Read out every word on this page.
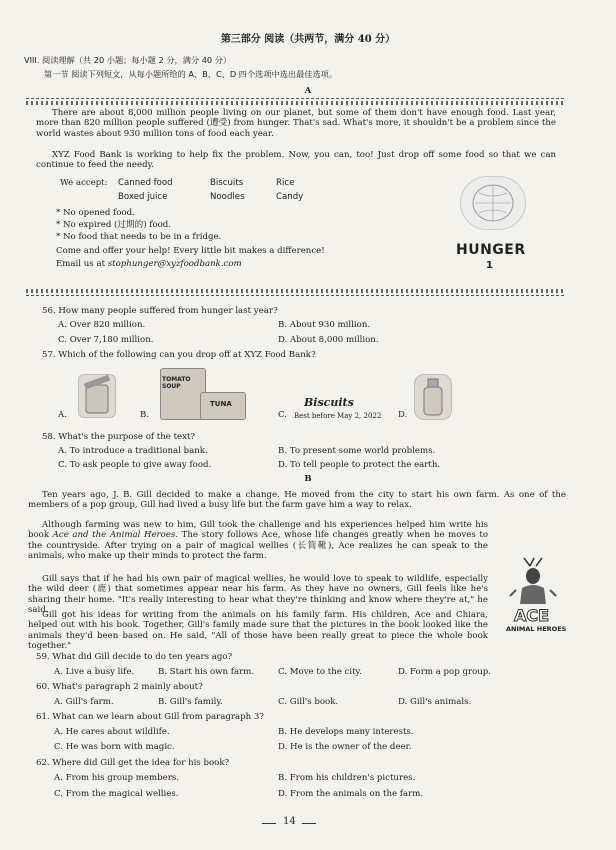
第三部分 阅读（共两节，满分 40 分）
VIII. 阅读理解（共 20 小题；每小题 2 分，满分 40 分）
第一节 阅读下列短文，从每小题所给的 A、B、C、D 四个选项中选出最佳选项。
A
There are about 8,000 million people living on our planet, but some of them don't have enough food. Last year, more than 820 million people suffered (遭受) from hunger. That's sad. What's more, it shouldn't be a problem since the world wastes about 930 million tons of food each year.
XYZ Food Bank is working to help fix the problem. Now, you can, too! Just drop off some food so that we can continue to feed the needy.
We accept: Canned food	Biscuits	Rice
Boxed juice	Noodles	Candy
* No opened food.
* No expired (过期的) food.
* No food that needs to be in a fridge.
Come and offer your help! Every little bit makes a difference!
Email us at stophunger@xyzfoodbank.com
HUNGER
1
56. How many people suffered from hunger last year?
A. Over 820 million.	B. About 930 million.
C. Over 7,180 million.	D. About 8,000 million.
57. Which of the following can you drop off at XYZ Food Bank?
A.	B.
TOMATO SOUP
TUNA
C.
Biscuits
Best before May 2, 2022 D.
58. What's the purpose of the text?
A. To introduce a traditional bank.	B. To present some world problems.
C. To ask people to give away food.	D. To tell people to protect the earth.
B
Ten years ago, J. B. Gill decided to make a change. He moved from the city to start his own farm. As one of the members of a pop group, Gill had lived a busy life but the farm gave him a way to relax.
Although farming was new to him, Gill took the challenge and his experiences helped him write his book Ace and the Animal Heroes. The story follows Ace, whose life changes greatly when he moves to the countryside. After trying on a pair of magical wellies (长筒靴), Ace realizes he can speak to the animals, who make up their minds to protect the farm.
Gill says that if he had his own pair of magical wellies, he would love to speak to wildlife, especially the wild deer (鹿) that sometimes appear near his farm. As they have no owners, Gill feels like he's sharing their home. "It's really interesting to hear what they're thinking and know where they're at," he said.
Gill got his ideas for writing from the animals on his family farm. His children, Ace and Chiara, helped out with his book. Together, Gill's family made sure that the pictures in the book looked like the animals they'd been based on. He said, "All of those have been really great to piece the whole book together."
ACE
ANIMAL HEROES
59. What did Gill decide to do ten years ago?
A. Live a busy life.	B. Start his own farm.	C. Move to the city.	D. Form a pop group.
60. What's paragraph 2 mainly about?
A. Gill's farm.	B. Gill's family.	C. Gill's book.	D. Gill's animals.
61. What can we learn about Gill from paragraph 3?
A. He cares about wildlife.	B. He develops many interests.
C. He was born with magic.	D. He is the owner of the deer.
62. Where did Gill get the idea for his book?
A. From his group members.	B. From his children's pictures.
C. From the magical wellies.	D. From the animals on the farm.
14
